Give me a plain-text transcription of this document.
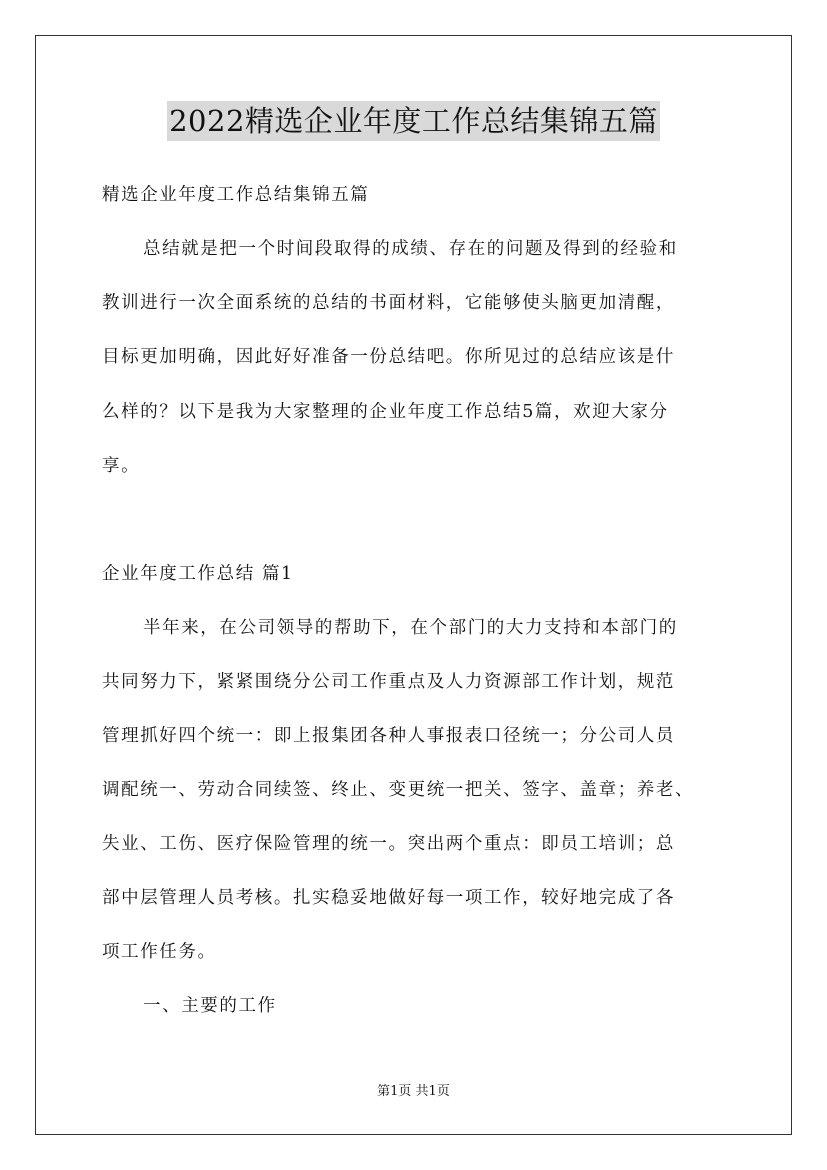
2022精选企业年度工作总结集锦五篇
精选企业年度工作总结集锦五篇
总结就是把一个时间段取得的成绩、存在的问题及得到的经验和
教训进行一次全面系统的总结的书面材料，它能够使头脑更加清醒，
目标更加明确，因此好好准备一份总结吧。你所见过的总结应该是什
么样的？以下是我为大家整理的企业年度工作总结5篇，欢迎大家分
享。
企业年度工作总结 篇1
半年来，在公司领导的帮助下，在个部门的大力支持和本部门的
共同努力下，紧紧围绕分公司工作重点及人力资源部工作计划，规范
管理抓好四个统一：即上报集团各种人事报表口径统一；分公司人员
调配统一、劳动合同续签、终止、变更统一把关、签字、盖章；养老、
失业、工伤、医疗保险管理的统一。突出两个重点：即员工培训；总
部中层管理人员考核。扎实稳妥地做好每一项工作，较好地完成了各
项工作任务。
一、主要的工作
第1页 共1页
